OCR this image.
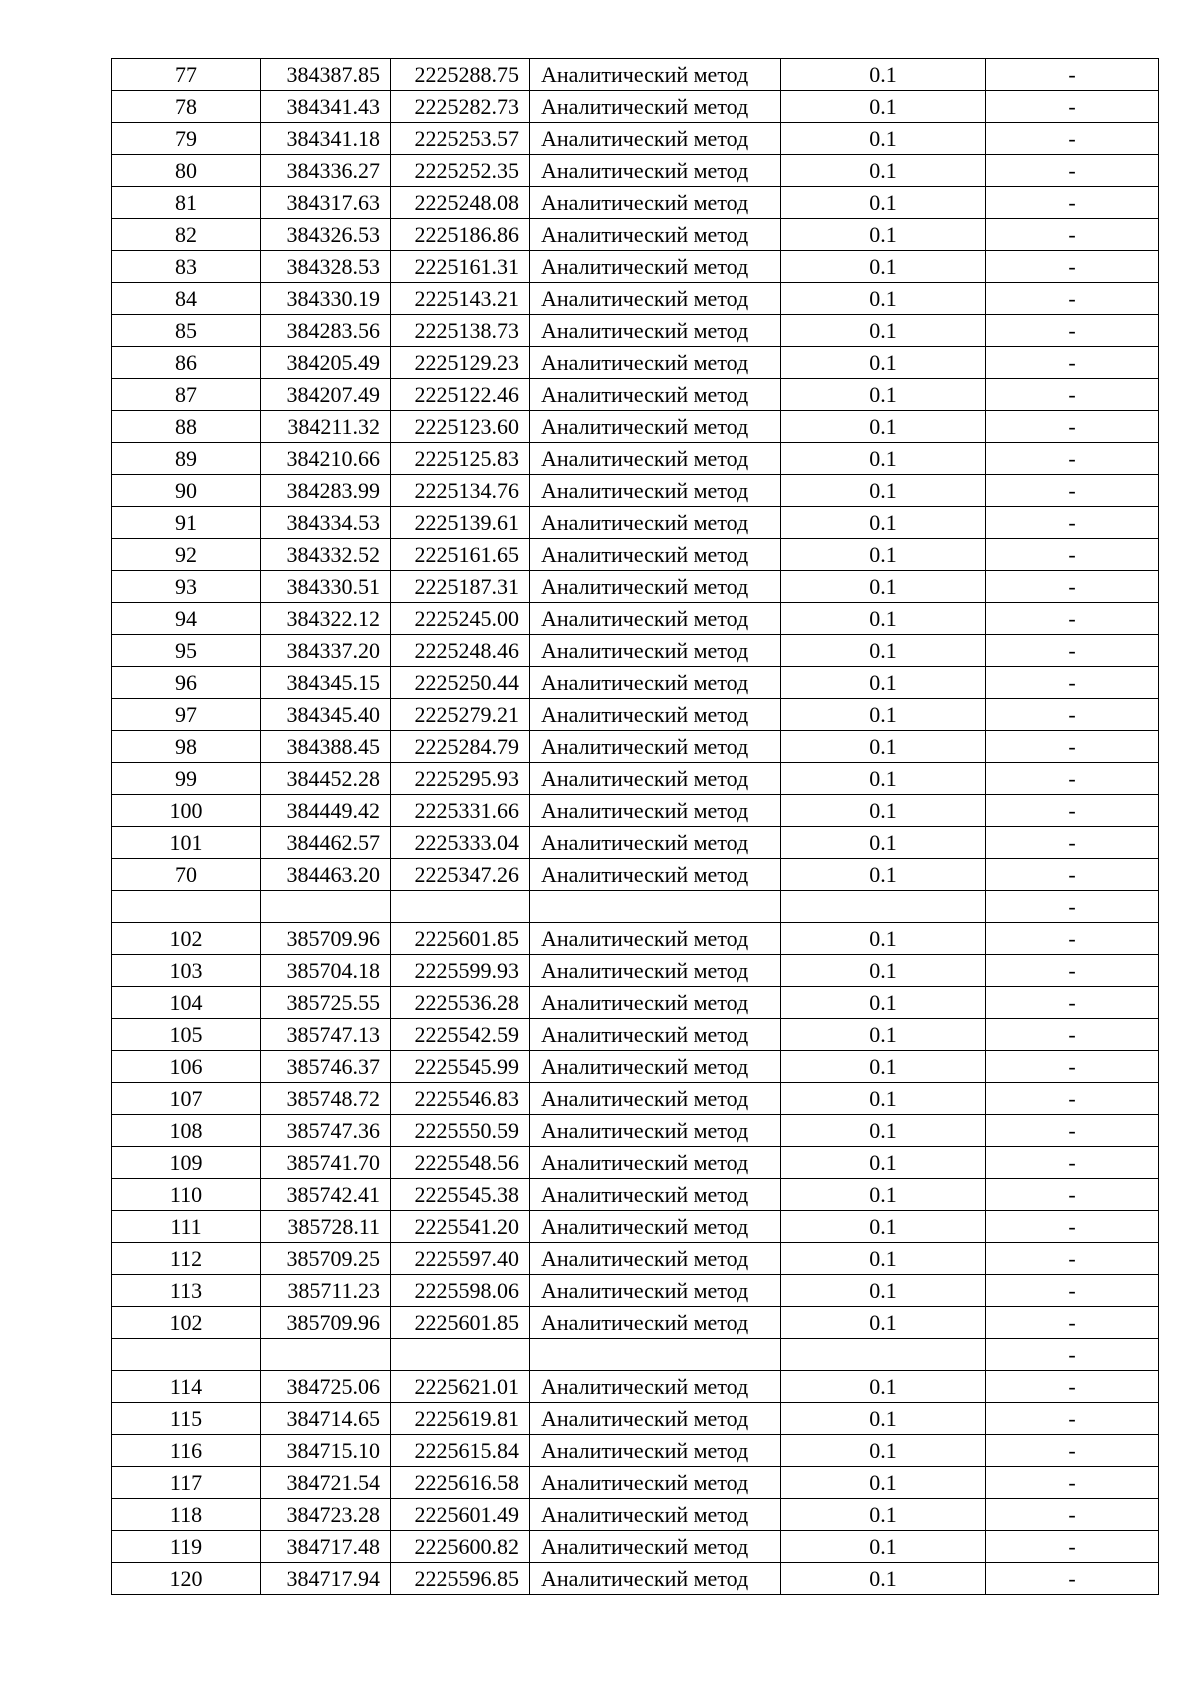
77	384387.85	2225288.75	Аналитический метод	0.1	-
78	384341.43	2225282.73	Аналитический метод	0.1	-
79	384341.18	2225253.57	Аналитический метод	0.1	-
80	384336.27	2225252.35	Аналитический метод	0.1	-
81	384317.63	2225248.08	Аналитический метод	0.1	-
82	384326.53	2225186.86	Аналитический метод	0.1	-
83	384328.53	2225161.31	Аналитический метод	0.1	-
84	384330.19	2225143.21	Аналитический метод	0.1	-
85	384283.56	2225138.73	Аналитический метод	0.1	-
86	384205.49	2225129.23	Аналитический метод	0.1	-
87	384207.49	2225122.46	Аналитический метод	0.1	-
88	384211.32	2225123.60	Аналитический метод	0.1	-
89	384210.66	2225125.83	Аналитический метод	0.1	-
90	384283.99	2225134.76	Аналитический метод	0.1	-
91	384334.53	2225139.61	Аналитический метод	0.1	-
92	384332.52	2225161.65	Аналитический метод	0.1	-
93	384330.51	2225187.31	Аналитический метод	0.1	-
94	384322.12	2225245.00	Аналитический метод	0.1	-
95	384337.20	2225248.46	Аналитический метод	0.1	-
96	384345.15	2225250.44	Аналитический метод	0.1	-
97	384345.40	2225279.21	Аналитический метод	0.1	-
98	384388.45	2225284.79	Аналитический метод	0.1	-
99	384452.28	2225295.93	Аналитический метод	0.1	-
100	384449.42	2225331.66	Аналитический метод	0.1	-
101	384462.57	2225333.04	Аналитический метод	0.1	-
70	384463.20	2225347.26	Аналитический метод	0.1	-
					-
102	385709.96	2225601.85	Аналитический метод	0.1	-
103	385704.18	2225599.93	Аналитический метод	0.1	-
104	385725.55	2225536.28	Аналитический метод	0.1	-
105	385747.13	2225542.59	Аналитический метод	0.1	-
106	385746.37	2225545.99	Аналитический метод	0.1	-
107	385748.72	2225546.83	Аналитический метод	0.1	-
108	385747.36	2225550.59	Аналитический метод	0.1	-
109	385741.70	2225548.56	Аналитический метод	0.1	-
110	385742.41	2225545.38	Аналитический метод	0.1	-
111	385728.11	2225541.20	Аналитический метод	0.1	-
112	385709.25	2225597.40	Аналитический метод	0.1	-
113	385711.23	2225598.06	Аналитический метод	0.1	-
102	385709.96	2225601.85	Аналитический метод	0.1	-
					-
114	384725.06	2225621.01	Аналитический метод	0.1	-
115	384714.65	2225619.81	Аналитический метод	0.1	-
116	384715.10	2225615.84	Аналитический метод	0.1	-
117	384721.54	2225616.58	Аналитический метод	0.1	-
118	384723.28	2225601.49	Аналитический метод	0.1	-
119	384717.48	2225600.82	Аналитический метод	0.1	-
120	384717.94	2225596.85	Аналитический метод	0.1	-
